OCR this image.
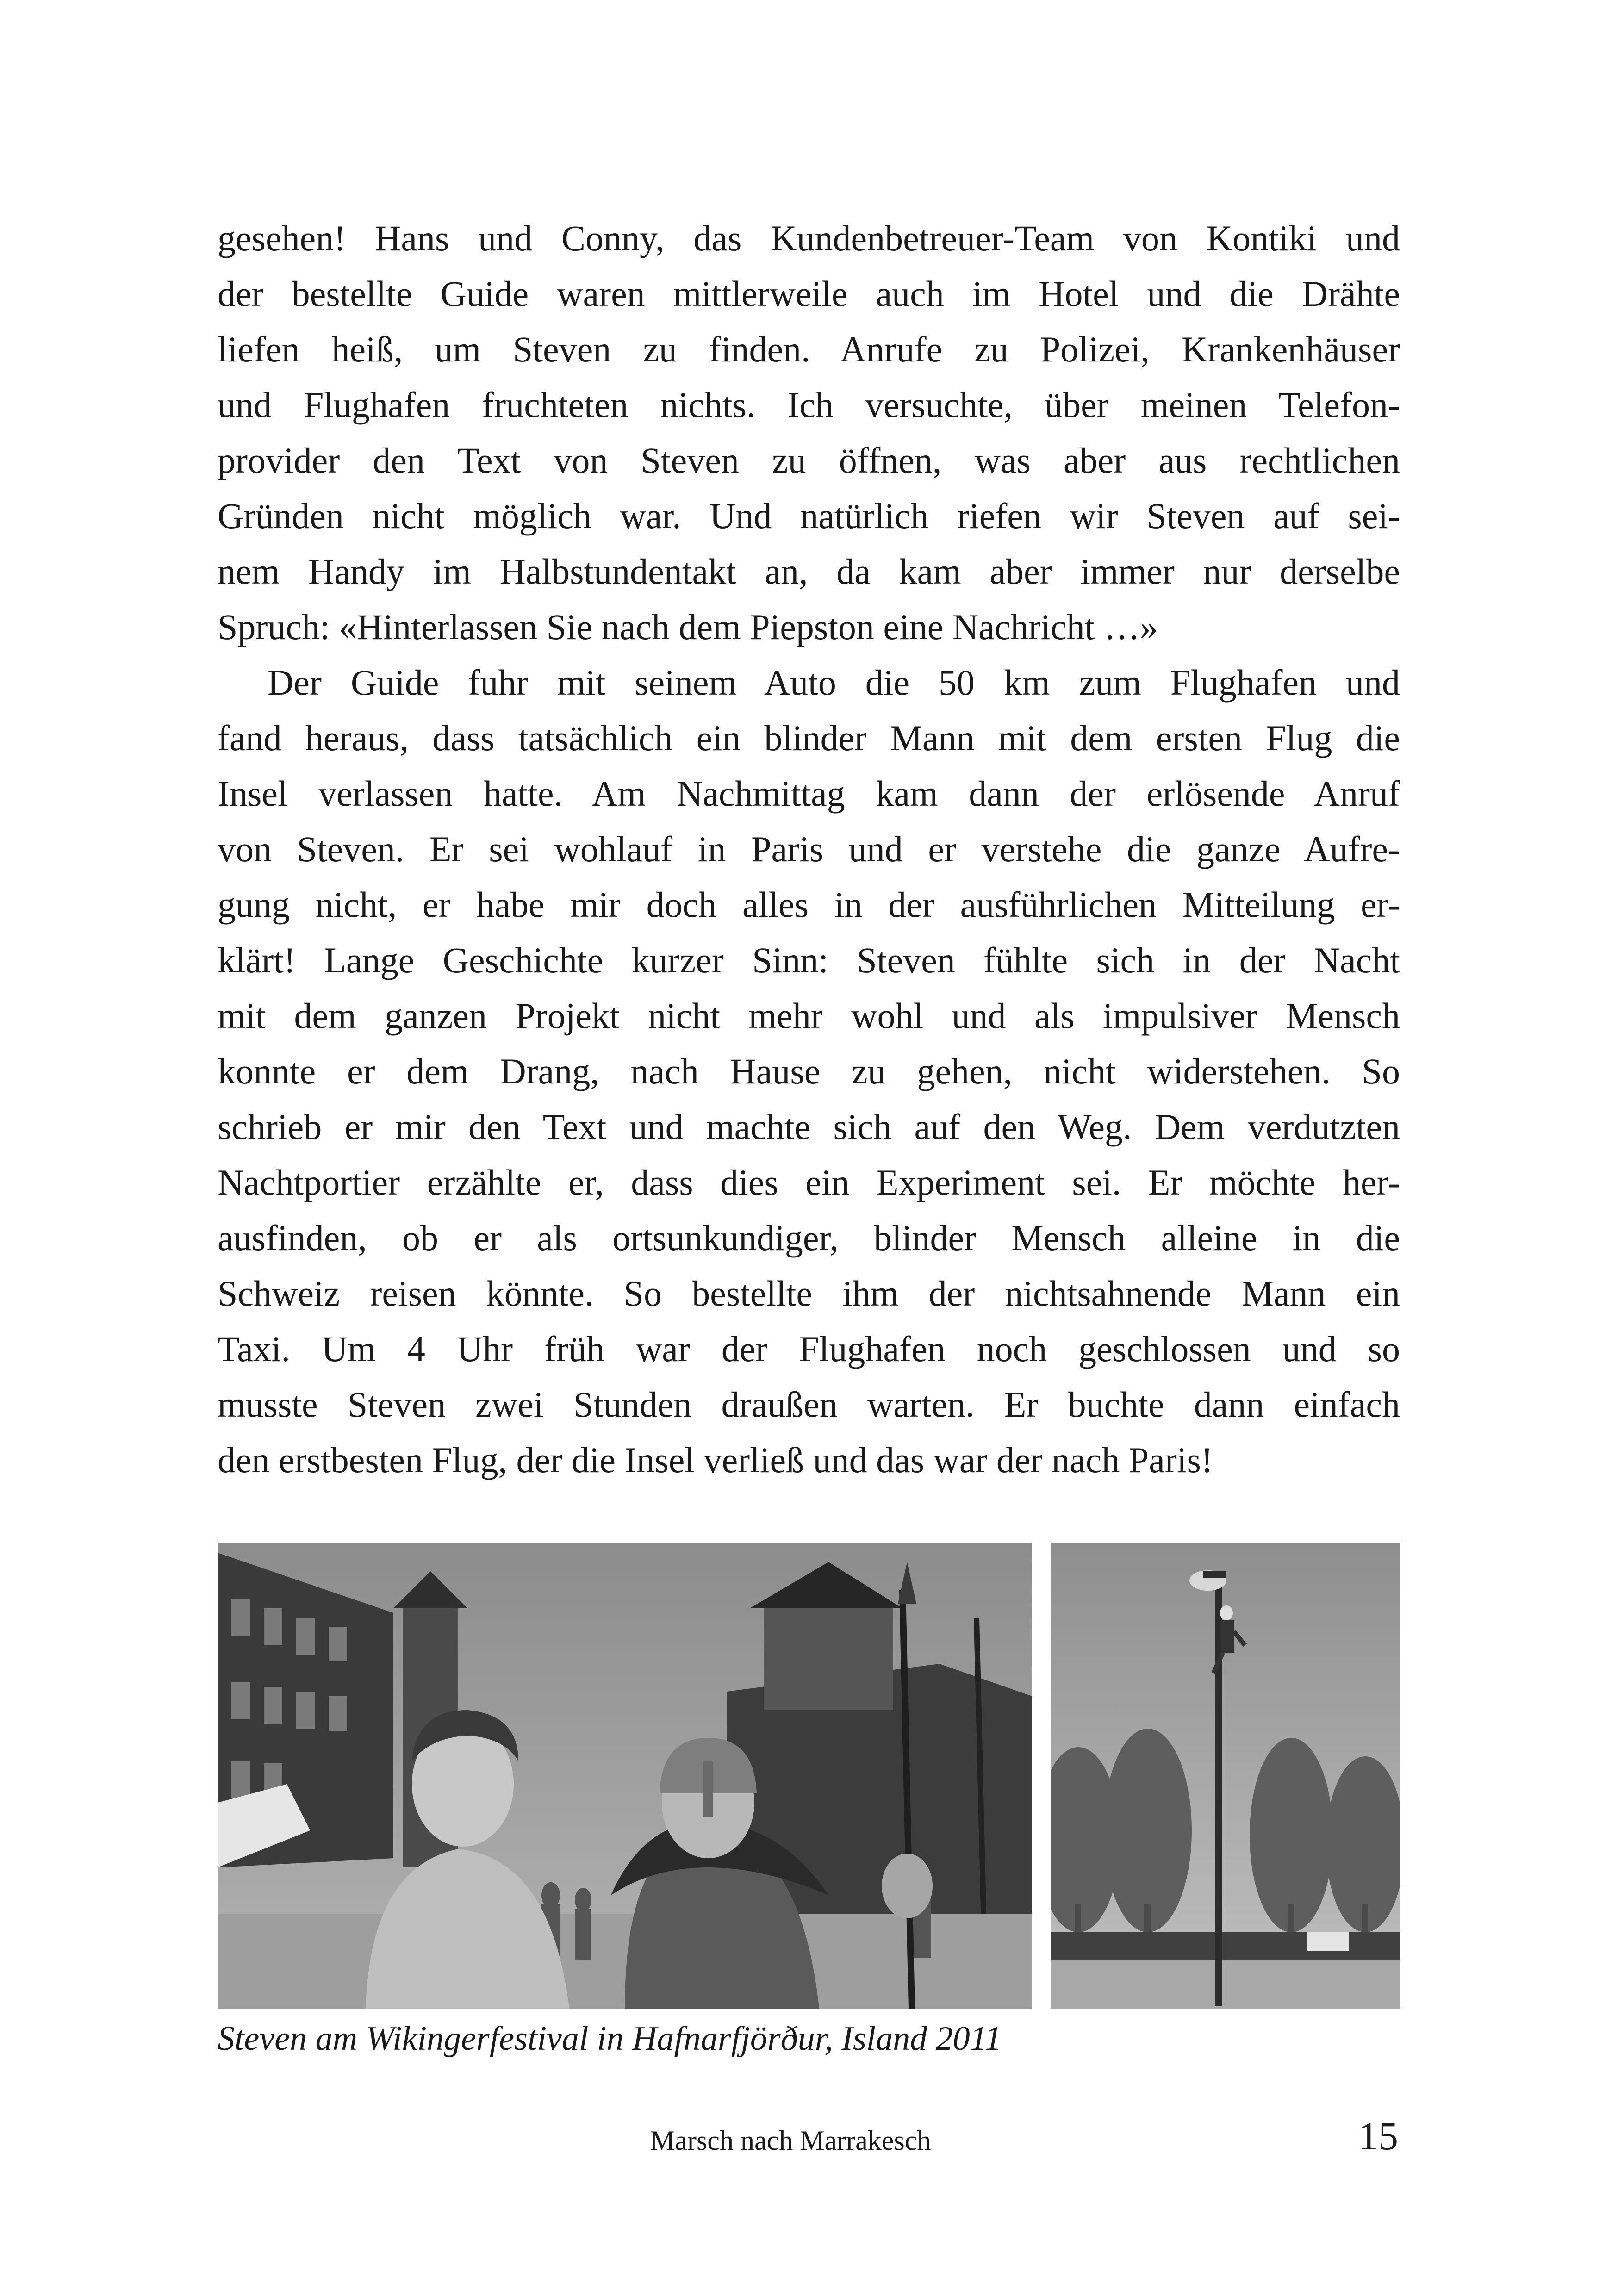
gesehen! Hans und Conny, das Kundenbetreuer-Team von Kontiki und
der bestellte Guide waren mittlerweile auch im Hotel und die Drähte
liefen heiß, um Steven zu finden. Anrufe zu Polizei, Krankenhäuser
und Flughafen fruchteten nichts. Ich versuchte, über meinen Telefon-
provider den Text von Steven zu öffnen, was aber aus rechtlichen
Gründen nicht möglich war. Und natürlich riefen wir Steven auf sei-
nem Handy im Halbstundentakt an, da kam aber immer nur derselbe
Spruch: «Hinterlassen Sie nach dem Piepston eine Nachricht …»
Der Guide fuhr mit seinem Auto die 50 km zum Flughafen und
fand heraus, dass tatsächlich ein blinder Mann mit dem ersten Flug die
Insel verlassen hatte. Am Nachmittag kam dann der erlösende Anruf
von Steven. Er sei wohlauf in Paris und er verstehe die ganze Aufre-
gung nicht, er habe mir doch alles in der ausführlichen Mitteilung er-
klärt! Lange Geschichte kurzer Sinn: Steven fühlte sich in der Nacht
mit dem ganzen Projekt nicht mehr wohl und als impulsiver Mensch
konnte er dem Drang, nach Hause zu gehen, nicht widerstehen. So
schrieb er mir den Text und machte sich auf den Weg. Dem verdutzten
Nachtportier erzählte er, dass dies ein Experiment sei. Er möchte her-
ausfinden, ob er als ortsunkundiger, blinder Mensch alleine in die
Schweiz reisen könnte. So bestellte ihm der nichtsahnende Mann ein
Taxi. Um 4 Uhr früh war der Flughafen noch geschlossen und so
musste Steven zwei Stunden draußen warten. Er buchte dann einfach
den erstbesten Flug, der die Insel verließ und das war der nach Paris!
Steven am Wikingerfestival in Hafnarfjörður, Island 2011
Marsch nach Marrakesch	15
